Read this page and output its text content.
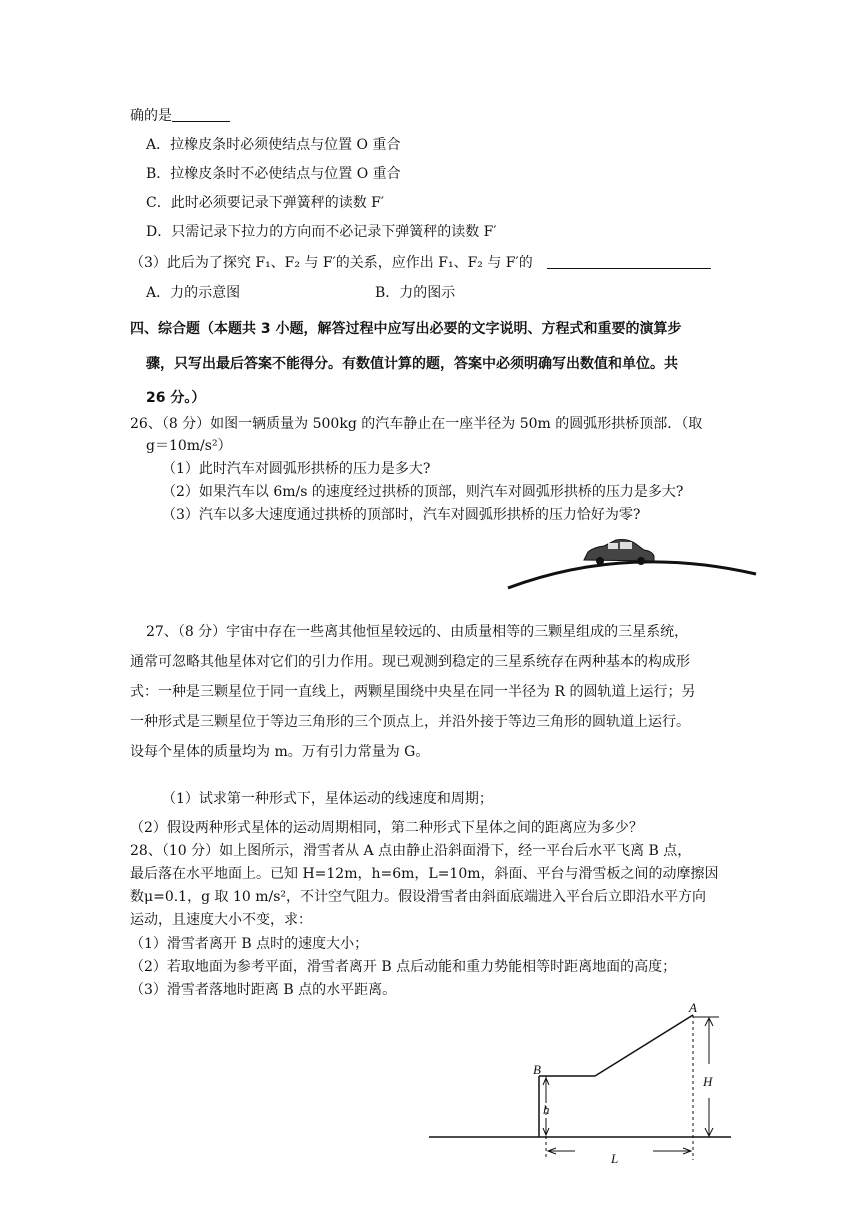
确的是
A．拉橡皮条时必须使结点与位置 O 重合
B．拉橡皮条时不必使结点与位置 O 重合
C．此时必须要记录下弹簧秤的读数 F′
D．只需记录下拉力的方向而不必记录下弹簧秤的读数 F′
（3）此后为了探究 F₁、F₂ 与 F′的关系，应作出 F₁、F₂ 与 F′的
A．力的示意图	B．力的图示
四、综合题（本题共 3 小题，解答过程中应写出必要的文字说明、方程式和重要的演算步
骤，只写出最后答案不能得分。有数值计算的题，答案中必须明确写出数值和单位。共
26 分。）
26、（8 分）如图一辆质量为 500kg 的汽车静止在一座半径为 50m 的圆弧形拱桥顶部．（取
g＝10m/s²）
（1）此时汽车对圆弧形拱桥的压力是多大?
（2）如果汽车以 6m/s 的速度经过拱桥的顶部，则汽车对圆弧形拱桥的压力是多大?
（3）汽车以多大速度通过拱桥的顶部时，汽车对圆弧形拱桥的压力恰好为零?
27、（8 分）宇宙中存在一些离其他恒星较远的、由质量相等的三颗星组成的三星系统，
通常可忽略其他星体对它们的引力作用。现已观测到稳定的三星系统存在两种基本的构成形
式：一种是三颗星位于同一直线上，两颗星围绕中央星在同一半径为 R 的圆轨道上运行；另
一种形式是三颗星位于等边三角形的三个顶点上，并沿外接于等边三角形的圆轨道上运行。
设每个星体的质量均为 m。万有引力常量为 G。
（1）试求第一种形式下，星体运动的线速度和周期；
（2）假设两种形式星体的运动周期相同，第二种形式下星体之间的距离应为多少？
28、（10 分）如上图所示，滑雪者从 A 点由静止沿斜面滑下，经一平台后水平飞离 B 点，
最后落在水平地面上。已知 H=12m，h=6m，L=10m，斜面、平台与滑雪板之间的动摩擦因
数μ=0.1，g 取 10 m/s²，不计空气阻力。假设滑雪者由斜面底端进入平台后立即沿水平方向
运动，且速度大小不变，求：
（1）滑雪者离开 B 点时的速度大小；
（2）若取地面为参考平面，滑雪者离开 B 点后动能和重力势能相等时距离地面的高度；
（3）滑雪者落地时距离 B 点的水平距离。
A
B
H
h
L
